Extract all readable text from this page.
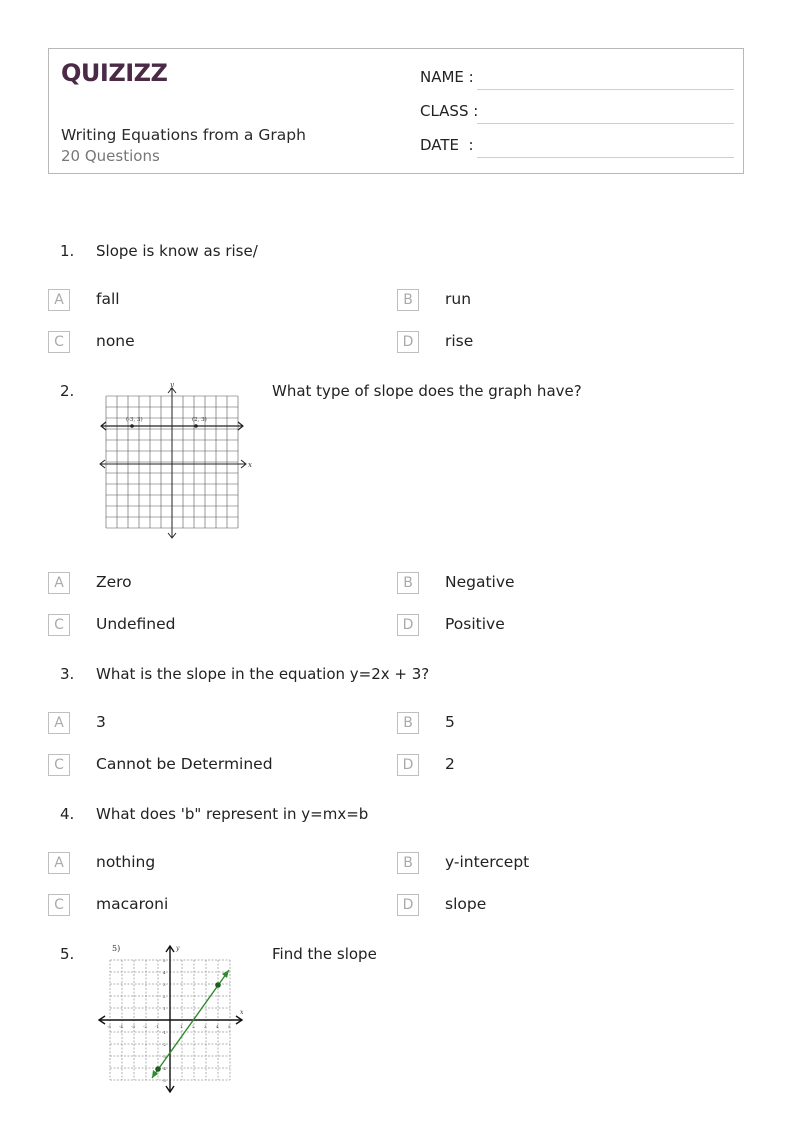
QUIZIZZ
Writing Equations from a Graph
20 Questions
NAME :
CLASS :
DATE  :
1. Slope is know as rise/
A	fall	B	run
C	none	D	rise
2.
(-3, 3)	(2, 3)
x
y	What type of slope does the graph have?
A	Zero	B	Negative
C	Undefined	D	Positive
3. What is the slope in the equation y=2x + 3?
A	3	B	5
C	Cannot be Determined	D	2
4. What does 'b" represent in y=mx=b
A	nothing	B	y-intercept
C	macaroni	D	slope
5.	5)
-5 -4 -3 -2 -1	1 2 3 4 5
5
4
3
2
1
-1
-2
-3
-4
-5
x
y	Find the slope
